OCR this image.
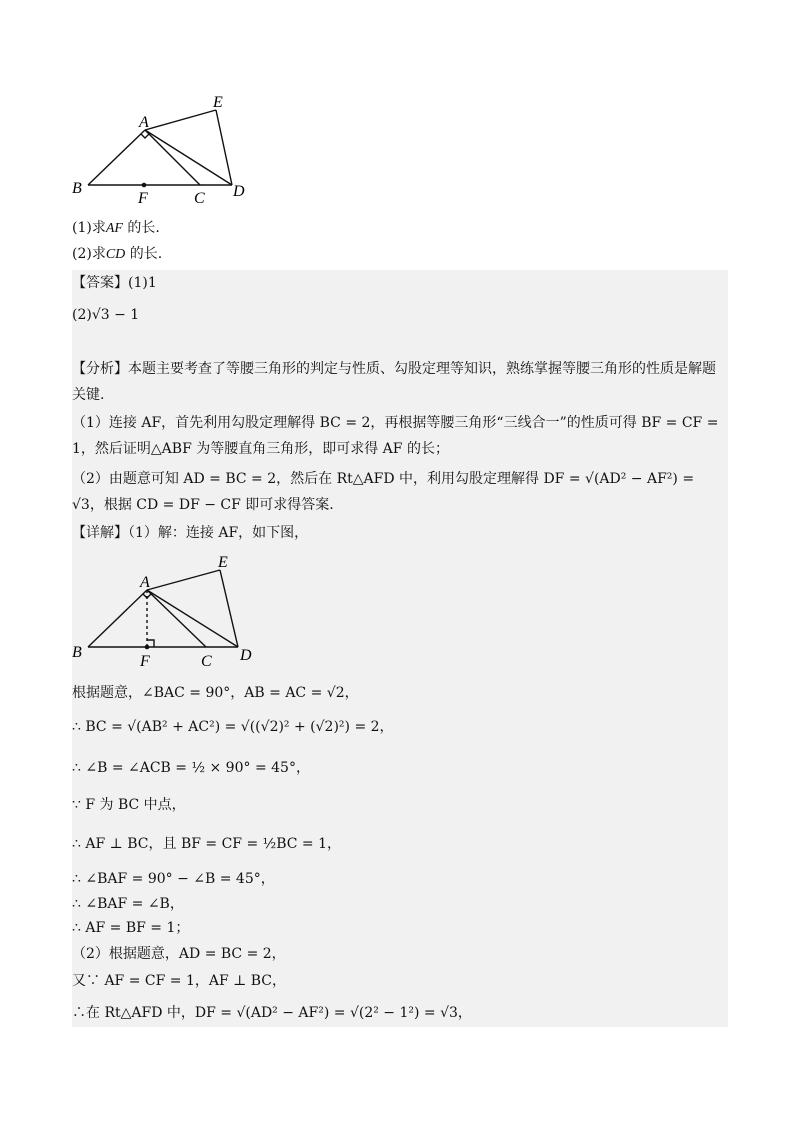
A
E
B
F	C D
(1)求AF 的长.
(2)求CD 的长.
【答案】(1)1
(2)√3 − 1
【分析】本题主要考查了等腰三角形的判定与性质、勾股定理等知识，熟练掌握等腰三角形的性质是解题关键.
（1）连接 AF，首先利用勾股定理解得 BC = 2，再根据等腰三角形“三线合一”的性质可得 BF = CF = 1，然后证明△ABF 为等腰直角三角形，即可求得 AF 的长；
（2）由题意可知 AD = BC = 2，然后在 Rt△AFD 中，利用勾股定理解得 DF = √(AD² − AF²) = √3，根据 CD = DF − CF 即可求得答案.
【详解】（1）解：连接 AF，如下图，
A
E
B
F	C D
根据题意，∠BAC = 90°，AB = AC = √2，
∴ BC = √(AB² + AC²) = √((√2)² + (√2)²) = 2，
∴ ∠B = ∠ACB = ½ × 90° = 45°，
∵ F 为 BC 中点，
∴ AF ⊥ BC，且 BF = CF = ½BC = 1，
∴ ∠BAF = 90° − ∠B = 45°，
∴ ∠BAF = ∠B，
∴ AF = BF = 1；
（2）根据题意，AD = BC = 2，
又∵ AF = CF = 1，AF ⊥ BC，
∴在 Rt△AFD 中，DF = √(AD² − AF²) = √(2² − 1²) = √3，
